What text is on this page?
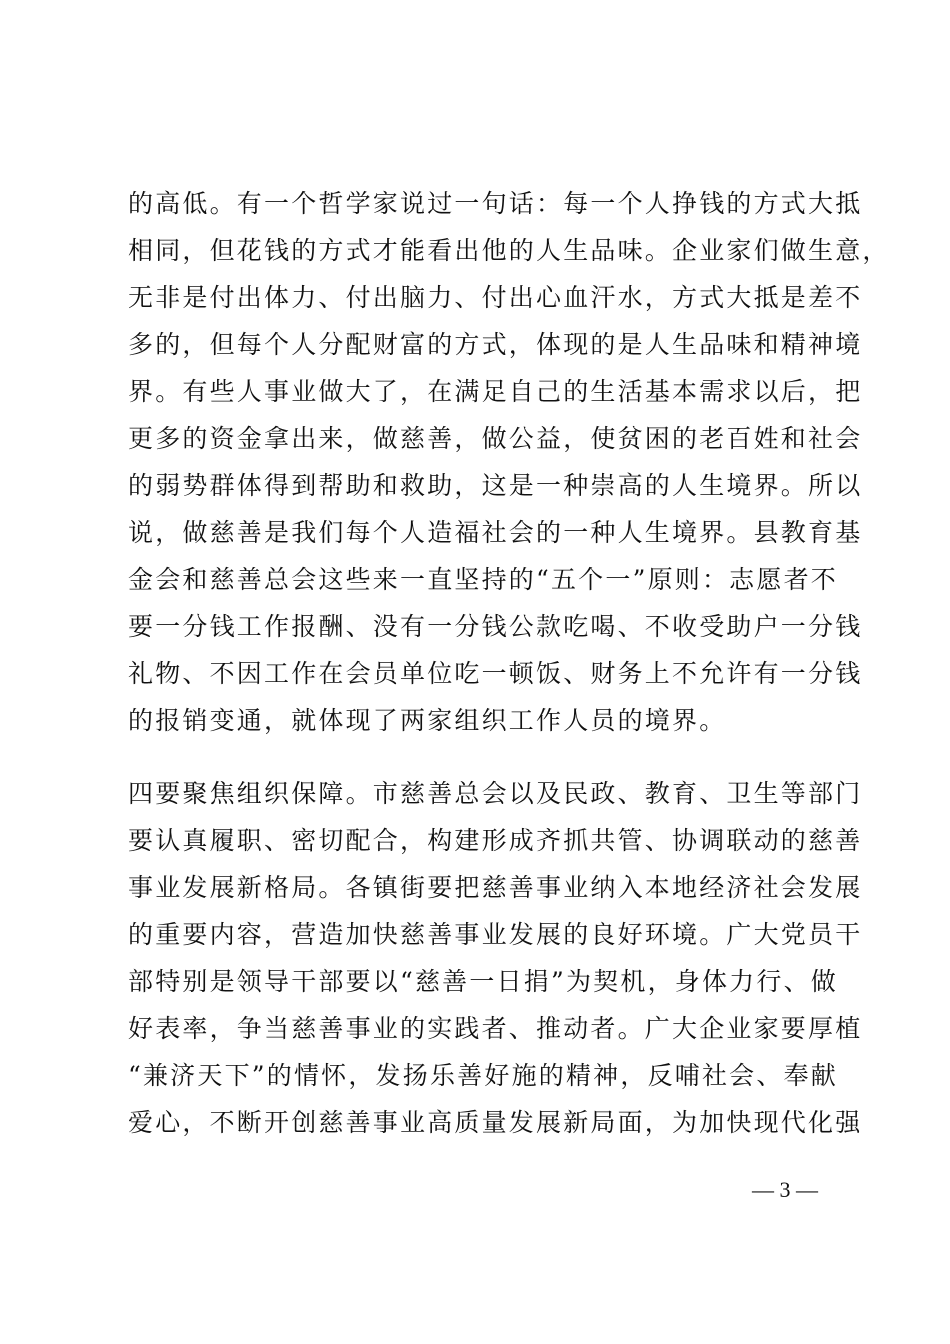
的高低。有一个哲学家说过一句话：每一个人挣钱的方式大抵
相同，但花钱的方式才能看出他的人生品味。企业家们做生意，
无非是付出体力、付出脑力、付出心血汗水，方式大抵是差不
多的，但每个人分配财富的方式，体现的是人生品味和精神境
界。有些人事业做大了，在满足自己的生活基本需求以后，把
更多的资金拿出来，做慈善，做公益，使贫困的老百姓和社会
的弱势群体得到帮助和救助，这是一种崇高的人生境界。所以
说，做慈善是我们每个人造福社会的一种人生境界。县教育基
金会和慈善总会这些来一直坚持的“五个一”原则：志愿者不
要一分钱工作报酬、没有一分钱公款吃喝、不收受助户一分钱
礼物、不因工作在会员单位吃一顿饭、财务上不允许有一分钱
的报销变通，就体现了两家组织工作人员的境界。
四要聚焦组织保障。市慈善总会以及民政、教育、卫生等部门
要认真履职、密切配合，构建形成齐抓共管、协调联动的慈善
事业发展新格局。各镇街要把慈善事业纳入本地经济社会发展
的重要内容，营造加快慈善事业发展的良好环境。广大党员干
部特别是领导干部要以“慈善一日捐”为契机，身体力行、做
好表率，争当慈善事业的实践者、推动者。广大企业家要厚植
“兼济天下”的情怀，发扬乐善好施的精神，反哺社会、奉献
爱心，不断开创慈善事业高质量发展新局面，为加快现代化强
— 3 —
